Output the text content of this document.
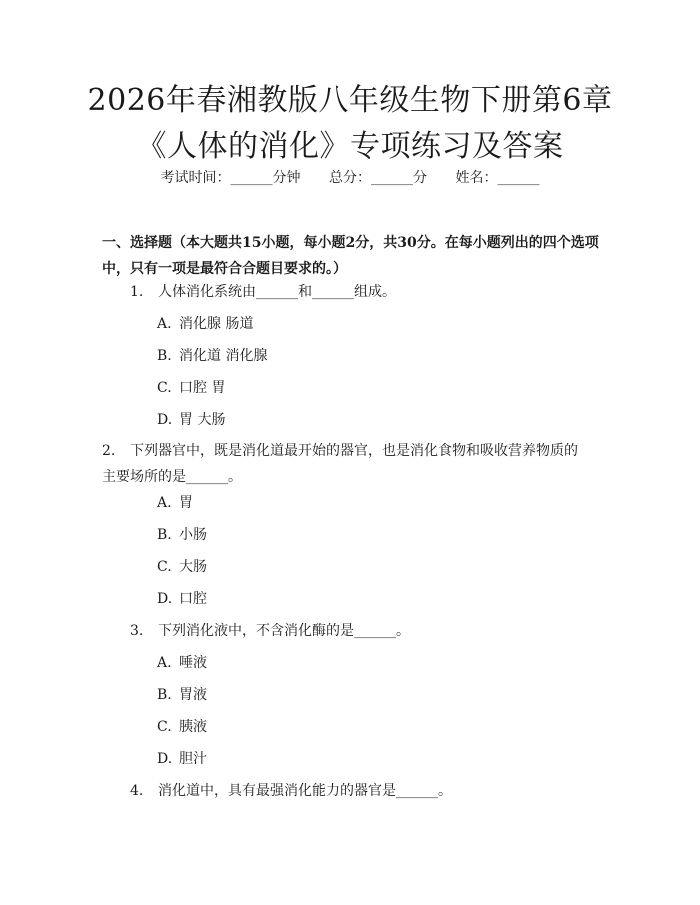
2026年春湘教版八年级生物下册第6章《人体的消化》专项练习及答案
考试时间：______分钟 总分：______分 姓名：______
一、选择题（本大题共15小题，每小题2分，共30分。在每小题列出的四个选项中，只有一项是最符合合题目要求的。）
1. 人体消化系统由______和______组成。
A. 消化腺 肠道
B. 消化道 消化腺
C. 口腔 胃
D. 胃 大肠
2. 下列器官中，既是消化道最开始的器官，也是消化食物和吸收营养物质的主要场所的是______。
A. 胃
B. 小肠
C. 大肠
D. 口腔
3. 下列消化液中，不含消化酶的是______。
A. 唾液
B. 胃液
C. 胰液
D. 胆汁
4. 消化道中，具有最强消化能力的器官是______。
